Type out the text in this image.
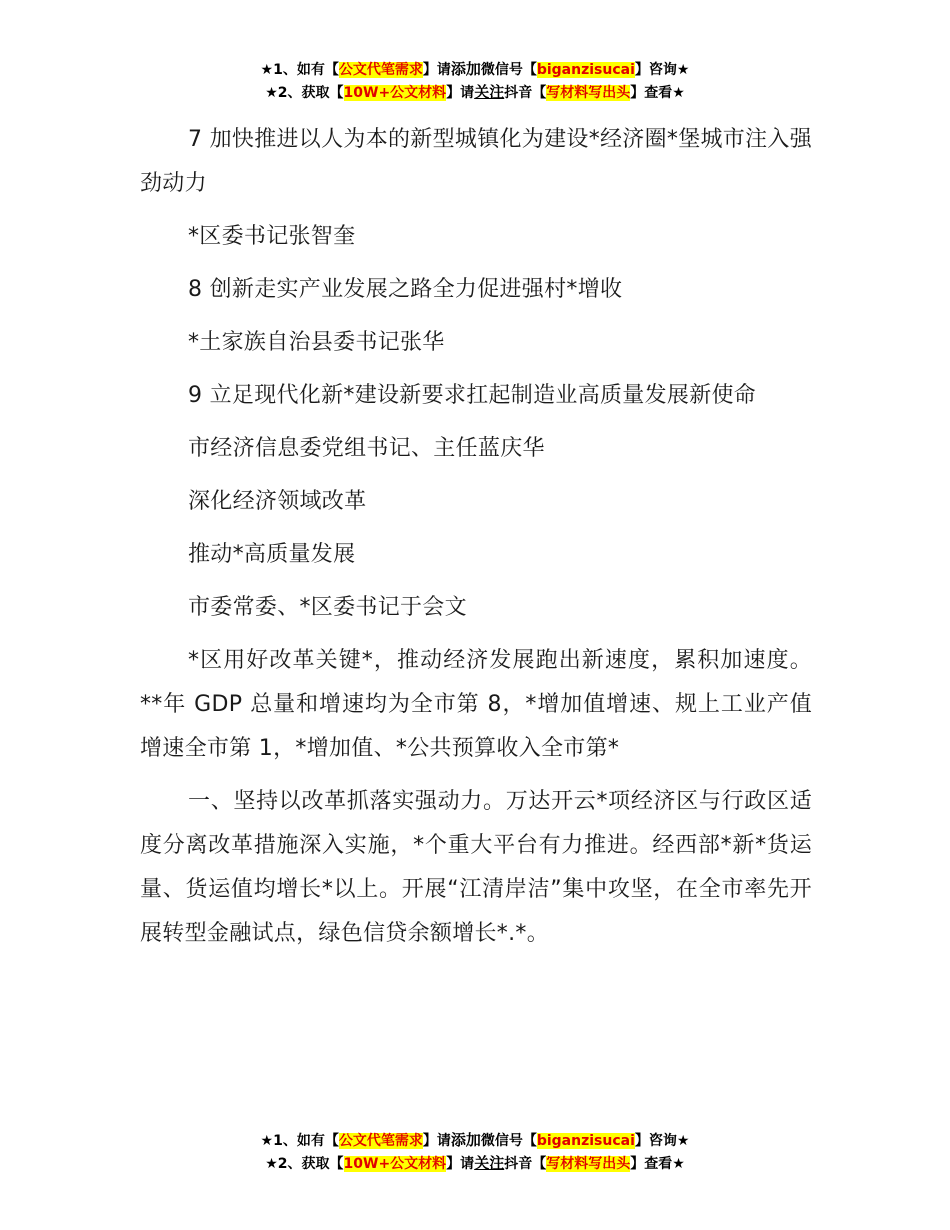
★1、如有【公文代笔需求】请添加微信号【biganzisucai】咨询★
★2、获取【10W+公文材料】请关注抖音【写材料写出头】查看★

7 加快推进以人为本的新型城镇化为建设*经济圈*堡城市注入强劲动力

*区委书记张智奎

8 创新走实产业发展之路全力促进强村*增收

*土家族自治县委书记张华

9 立足现代化新*建设新要求扛起制造业高质量发展新使命

市经济信息委党组书记、主任蓝庆华

深化经济领域改革

推动*高质量发展

市委常委、*区委书记于会文

*区用好改革关键*，推动经济发展跑出新速度，累积加速度。**年 GDP 总量和增速均为全市第 8，*增加值增速、规上工业产值增速全市第 1，*增加值、*公共预算收入全市第*

一、坚持以改革抓落实强动力。万达开云*项经济区与行政区适度分离改革措施深入实施，*个重大平台有力推进。经西部*新*货运量、货运值均增长*以上。开展“江清岸洁”集中攻坚，在全市率先开展转型金融试点，绿色信贷余额增长*.*。

★1、如有【公文代笔需求】请添加微信号【biganzisucai】咨询★
★2、获取【10W+公文材料】请关注抖音【写材料写出头】查看★
